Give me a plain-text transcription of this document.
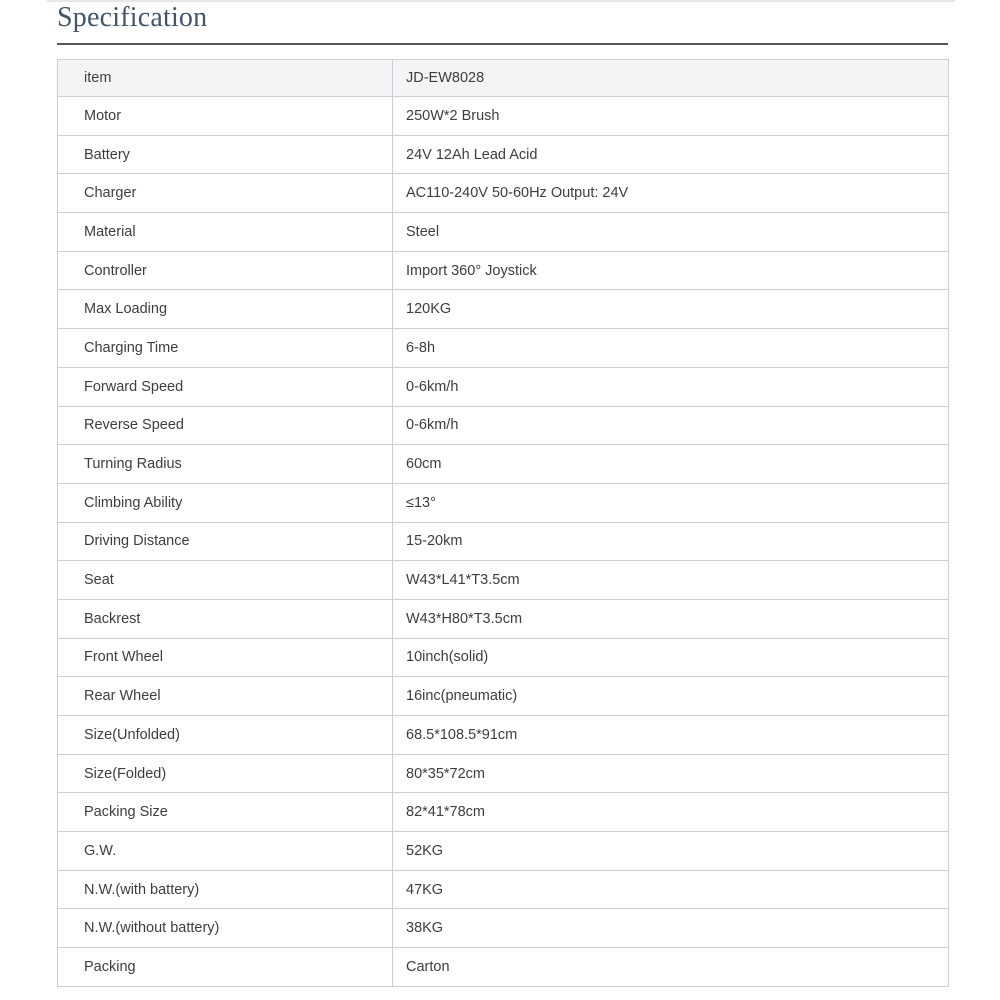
Specification
item	JD-EW8028
Motor	250W*2 Brush
Battery	24V 12Ah Lead Acid
Charger	AC110-240V 50-60Hz Output: 24V
Material	Steel
Controller	Import 360° Joystick
Max Loading	120KG
Charging Time	6-8h
Forward Speed	0-6km/h
Reverse Speed	0-6km/h
Turning Radius	60cm
Climbing Ability	≤13°
Driving Distance	15-20km
Seat	W43*L41*T3.5cm
Backrest	W43*H80*T3.5cm
Front Wheel	10inch(solid)
Rear Wheel	16inc(pneumatic)
Size(Unfolded)	68.5*108.5*91cm
Size(Folded)	80*35*72cm
Packing Size	82*41*78cm
G.W.	52KG
N.W.(with battery)	47KG
N.W.(without battery)	38KG
Packing	Carton
